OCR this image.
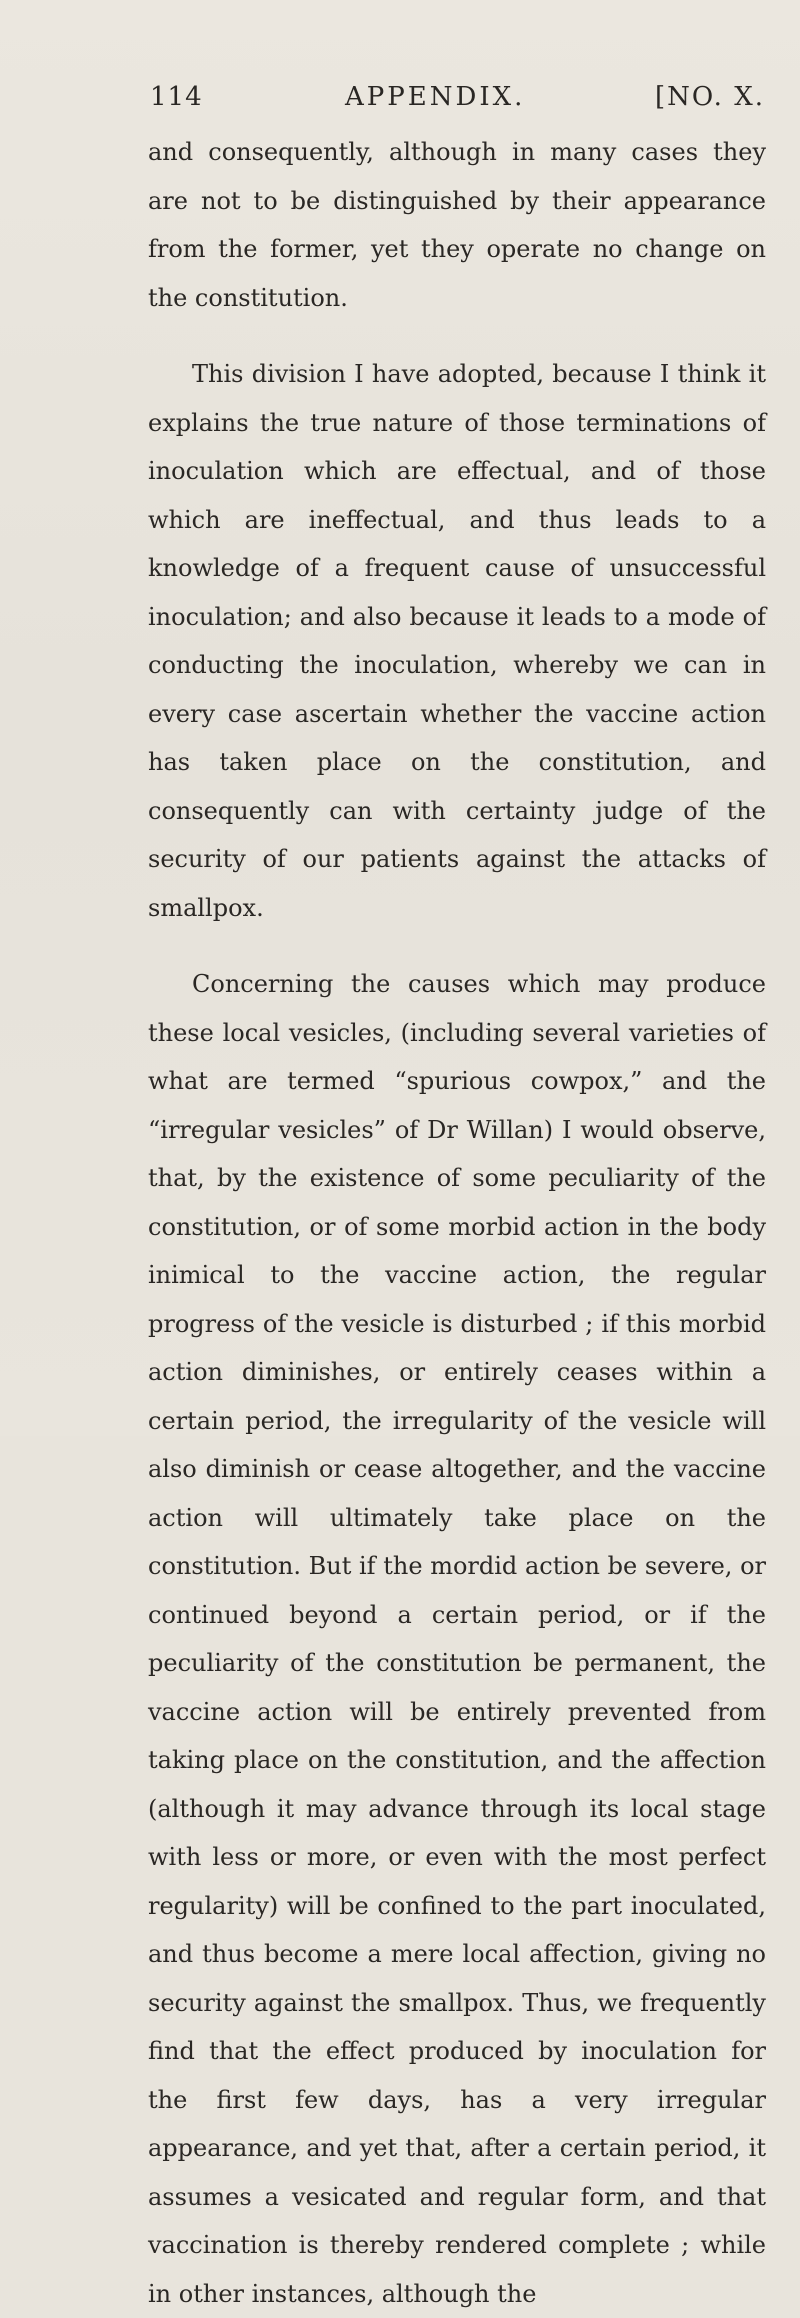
114	APPENDIX.	[NO. X.

and consequently, although in many cases they are not to be distinguished by their appearance from the former, yet they operate no change on the constitution.

This division I have adopted, because I think it explains the true nature of those terminations of inoculation which are effectual, and of those which are ineffectual, and thus leads to a knowledge of a frequent cause of unsuccessful inoculation; and also because it leads to a mode of conducting the inoculation, whereby we can in every case ascertain whether the vaccine action has taken place on the constitution, and consequently can with certainty judge of the security of our patients against the attacks of smallpox.

Concerning the causes which may produce these local vesicles, (including several varieties of what are termed “spurious cowpox,” and the “irregular vesicles” of Dr Willan) I would observe, that, by the existence of some peculiarity of the constitution, or of some morbid action in the body inimical to the vaccine action, the regular progress of the vesicle is disturbed ; if this morbid action diminishes, or entirely ceases within a certain period, the irregularity of the vesicle will also diminish or cease altogether, and the vaccine action will ultimately take place on the constitution. But if the mordid action be severe, or continued beyond a certain period, or if the peculiarity of the constitution be permanent, the vaccine action will be entirely prevented from taking place on the constitution, and the affection (although it may advance through its local stage with less or more, or even with the most perfect regularity) will be confined to the part inoculated, and thus become a mere local affection, giving no security against the smallpox. Thus, we frequently find that the effect produced by inoculation for the first few days, has a very irregular appearance, and yet that, after a certain period, it assumes a vesicated and regular form, and that vaccination is thereby rendered complete ; while in other instances, although the
